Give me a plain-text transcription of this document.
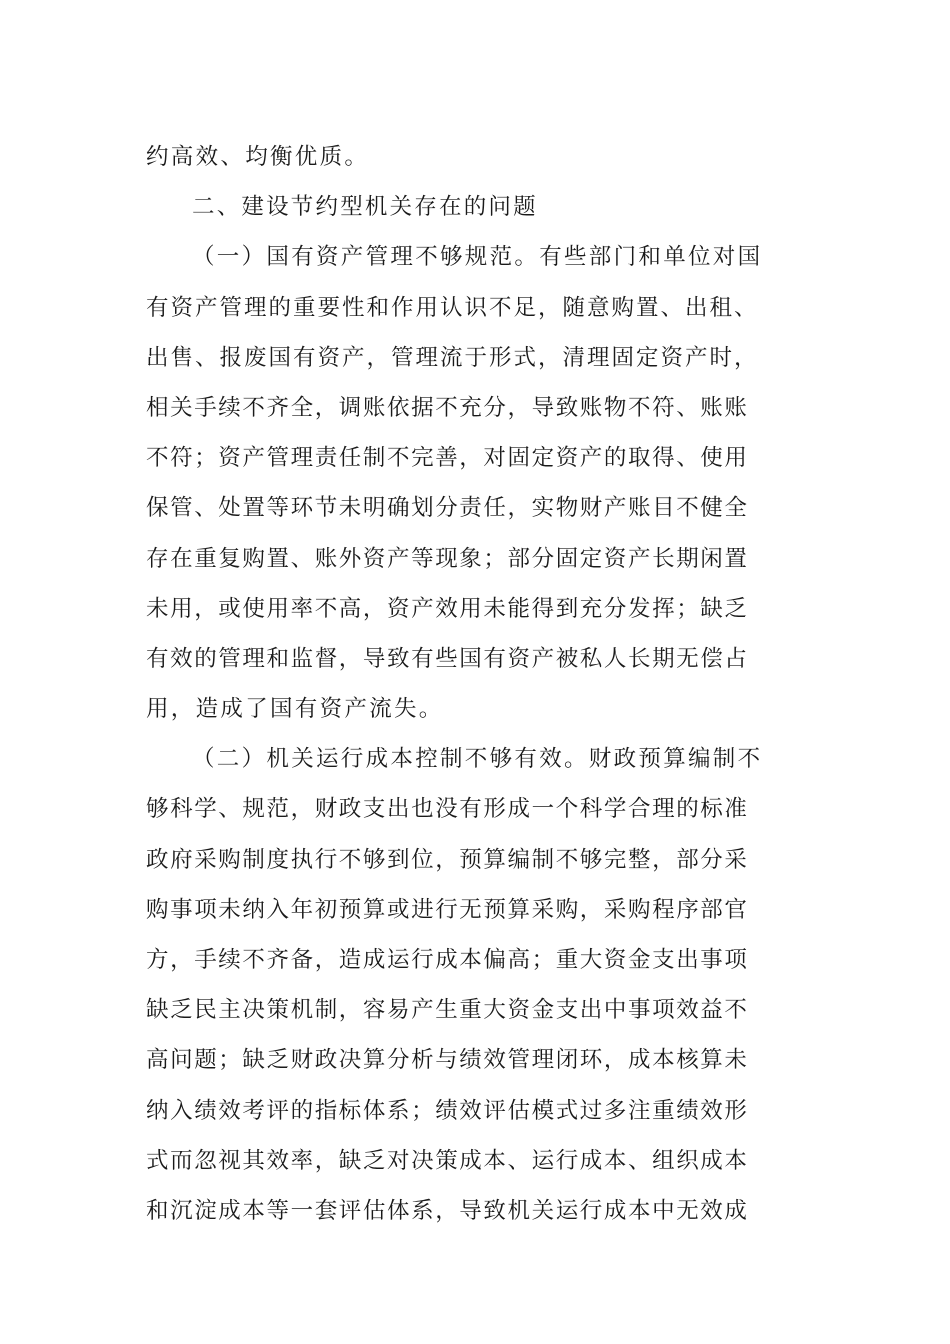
约高效、均衡优质。
二、建设节约型机关存在的问题
（一）国有资产管理不够规范。有些部门和单位对国
有资产管理的重要性和作用认识不足，随意购置、出租、
出售、报废国有资产，管理流于形式，清理固定资产时，
相关手续不齐全，调账依据不充分，导致账物不符、账账
不符；资产管理责任制不完善，对固定资产的取得、使用
保管、处置等环节未明确划分责任，实物财产账目不健全
存在重复购置、账外资产等现象；部分固定资产长期闲置
未用，或使用率不高，资产效用未能得到充分发挥；缺乏
有效的管理和监督，导致有些国有资产被私人长期无偿占
用，造成了国有资产流失。
（二）机关运行成本控制不够有效。财政预算编制不
够科学、规范，财政支出也没有形成一个科学合理的标准
政府采购制度执行不够到位，预算编制不够完整，部分采
购事项未纳入年初预算或进行无预算采购，采购程序部官
方，手续不齐备，造成运行成本偏高；重大资金支出事项
缺乏民主决策机制，容易产生重大资金支出中事项效益不
高问题；缺乏财政决算分析与绩效管理闭环，成本核算未
纳入绩效考评的指标体系；绩效评估模式过多注重绩效形
式而忽视其效率，缺乏对决策成本、运行成本、组织成本
和沉淀成本等一套评估体系，导致机关运行成本中无效成
